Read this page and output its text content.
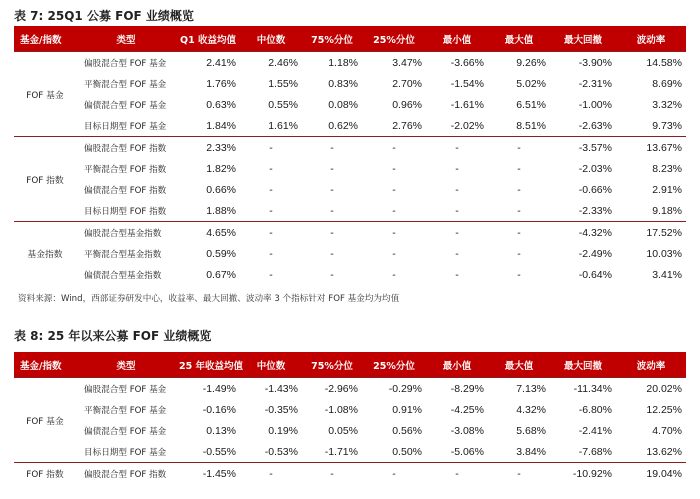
表 7: 25Q1 公募 FOF 业绩概览
基金/指数	类型	Q1 收益均值	中位数	75%分位	25%分位	最小值	最大值	最大回撤	波动率
FOF 基金	偏股混合型 FOF 基金	2.41%	2.46%	1.18%	3.47%	-3.66%	9.26%	-3.90%	14.58%
	平衡混合型 FOF 基金	1.76%	1.55%	0.83%	2.70%	-1.54%	5.02%	-2.31%	8.69%
	偏债混合型 FOF 基金	0.63%	0.55%	0.08%	0.96%	-1.61%	6.51%	-1.00%	3.32%
	目标日期型 FOF 基金	1.84%	1.61%	0.62%	2.76%	-2.02%	8.51%	-2.63%	9.73%
FOF 指数	偏股混合型 FOF 指数	2.33%	-	-	-	-	-	-3.57%	13.67%
	平衡混合型 FOF 指数	1.82%	-	-	-	-	-	-2.03%	8.23%
	偏债混合型 FOF 指数	0.66%	-	-	-	-	-	-0.66%	2.91%
	目标日期型 FOF 指数	1.88%	-	-	-	-	-	-2.33%	9.18%
基金指数	偏股混合型基金指数	4.65%	-	-	-	-	-	-4.32%	17.52%
	平衡混合型基金指数	0.59%	-	-	-	-	-	-2.49%	10.03%
	偏债混合型基金指数	0.67%	-	-	-	-	-	-0.64%	3.41%
资料来源：Wind，西部证券研发中心，收益率、最大回撤、波动率 3 个指标针对 FOF 基金均为均值
表 8: 25 年以来公募 FOF 业绩概览
基金/指数	类型	25 年收益均值	中位数	75%分位	25%分位	最小值	最大值	最大回撤	波动率
FOF 基金	偏股混合型 FOF 基金	-1.49%	-1.43%	-2.96%	-0.29%	-8.29%	7.13%	-11.34%	20.02%
	平衡混合型 FOF 基金	-0.16%	-0.35%	-1.08%	0.91%	-4.25%	4.32%	-6.80%	12.25%
	偏债混合型 FOF 基金	0.13%	0.19%	0.05%	0.56%	-3.08%	5.68%	-2.41%	4.70%
	目标日期型 FOF 基金	-0.55%	-0.53%	-1.71%	0.50%	-5.06%	3.84%	-7.68%	13.62%
FOF 指数	偏股混合型 FOF 指数	-1.45%	-	-	-	-	-	-10.92%	19.04%
